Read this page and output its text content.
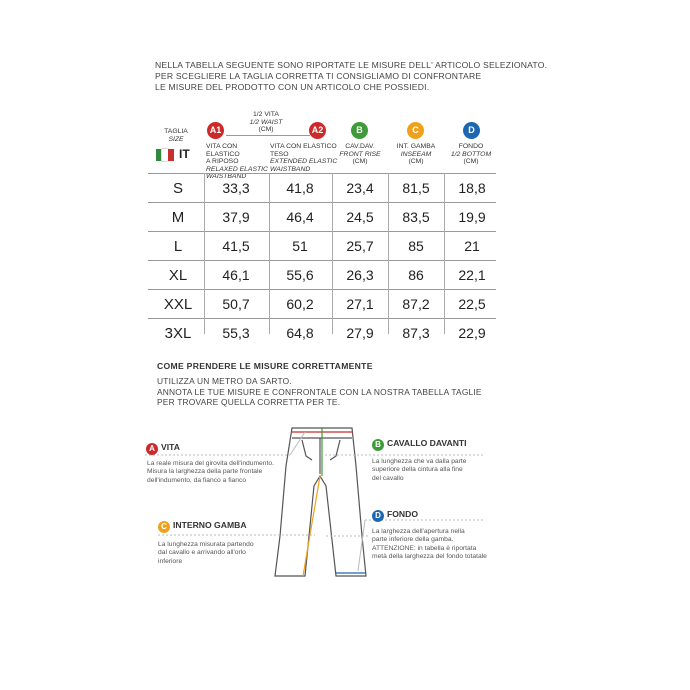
NELLA TABELLA SEGUENTE SONO RIPORTATE LE MISURE DELL' ARTICOLO SELEZIONATO.
PER SCEGLIERE LA TAGLIA CORRETTA TI CONSIGLIAMO DI CONFRONTARE
LE MISURE DEL PRODOTTO CON UN ARTICOLO CHE POSSIEDI.
TAGLIA
SIZE
IT
1/2 VITA
1/2 WAIST
(CM)
A1	A2	B	C	D
VITA CON ELASTICO
A RIPOSO
RELAXED ELASTIC
WAISTBAND
VITA CON ELASTICO
TESO
EXTENDED ELASTIC
WAISTBAND
CAV.DAV.
FRONT RISE
(CM)
INT. GAMBA
INSEEAM
(CM)
FONDO
1/2 BOTTOM
(CM)
S	33,3	41,8	23,4	81,5	18,8
M	37,9	46,4	24,5	83,5	19,9
L	41,5	51	25,7	85	21
XL	46,1	55,6	26,3	86	22,1
XXL	50,7	60,2	27,1	87,2	22,5
3XL	55,3	64,8	27,9	87,3	22,9
COME PRENDERE LE MISURE CORRETTAMENTE
UTILIZZA UN METRO DA SARTO.
ANNOTA LE TUE MISURE E CONFRONTALE CON LA NOSTRA TABELLA TAGLIE
PER TROVARE QUELLA CORRETTA PER TE.
A VITA
La reale misura del girovita dell'indumento.
Misura la larghezza della parte frontale
dell'indumento, da fianco a fianco
B CAVALLO DAVANTI
La lunghezza che va dalla parte
superiore della cintura alla fine
del cavallo
C INTERNO GAMBA
La lunghezza misurata partendo
dal cavallo e arrivando all'orlo
inferiore
D FONDO
La larghezza dell'apertura nella
parte inferiore della gamba.
ATTENZIONE: in tabella è riportata
metà della larghezza del fondo totatale
